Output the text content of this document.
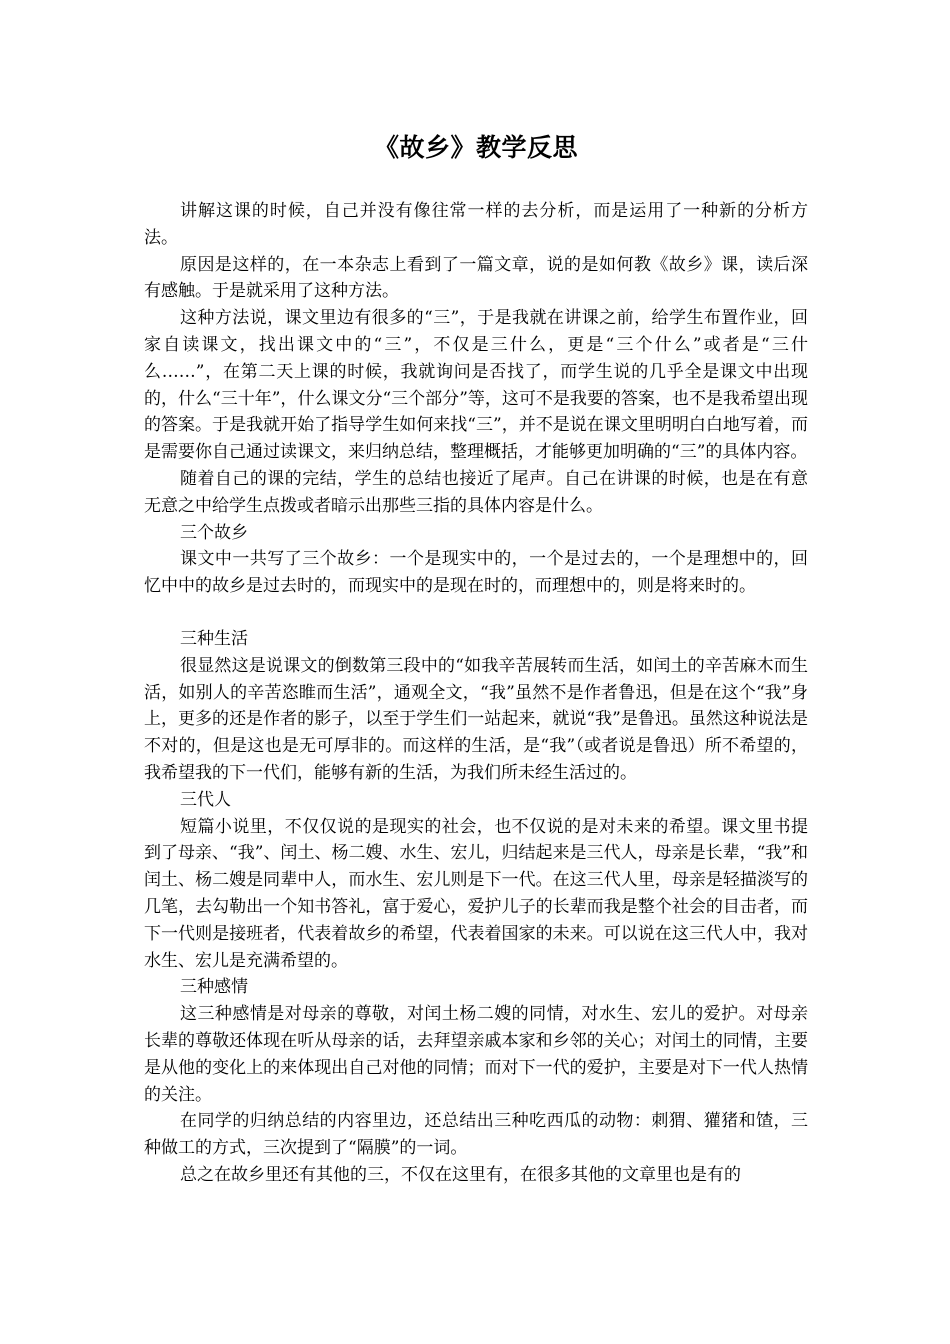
《故乡》教学反思

讲解这课的时候，自己并没有像往常一样的去分析，而是运用了一种新的分析方法。

原因是这样的，在一本杂志上看到了一篇文章，说的是如何教《故乡》课，读后深有感触。于是就采用了这种方法。

这种方法说，课文里边有很多的“三”，于是我就在讲课之前，给学生布置作业，回家自读课文，找出课文中的“三”，不仅是三什么，更是“三个什么”或者是“三什么……”，在第二天上课的时候，我就询问是否找了，而学生说的几乎全是课文中出现的，什么“三十年”，什么课文分“三个部分”等，这可不是我要的答案，也不是我希望出现的答案。于是我就开始了指导学生如何来找“三”，并不是说在课文里明明白白地写着，而是需要你自己通过读课文，来归纳总结，整理概括，才能够更加明确的“三”的具体内容。

随着自己的课的完结，学生的总结也接近了尾声。自己在讲课的时候，也是在有意无意之中给学生点拨或者暗示出那些三指的具体内容是什么。

三个故乡

课文中一共写了三个故乡：一个是现实中的，一个是过去的，一个是理想中的，回忆中中的故乡是过去时的，而现实中的是现在时的，而理想中的，则是将来时的。

三种生活

很显然这是说课文的倒数第三段中的“如我辛苦展转而生活，如闰土的辛苦麻木而生活，如别人的辛苦恣睢而生活”，通观全文，“我”虽然不是作者鲁迅，但是在这个“我”身上，更多的还是作者的影子，以至于学生们一站起来，就说“我”是鲁迅。虽然这种说法是不对的，但是这也是无可厚非的。而这样的生活，是“我”（或者说是鲁迅）所不希望的，我希望我的下一代们，能够有新的生活，为我们所未经生活过的。

三代人

短篇小说里，不仅仅说的是现实的社会，也不仅说的是对未来的希望。课文里书提到了母亲、“我”、闰土、杨二嫂、水生、宏儿，归结起来是三代人，母亲是长辈，“我”和闰土、杨二嫂是同辈中人，而水生、宏儿则是下一代。在这三代人里，母亲是轻描淡写的几笔，去勾勒出一个知书答礼，富于爱心，爱护儿子的长辈而我是整个社会的目击者，而下一代则是接班者，代表着故乡的希望，代表着国家的未来。可以说在这三代人中，我对水生、宏儿是充满希望的。

三种感情

这三种感情是对母亲的尊敬，对闰土杨二嫂的同情，对水生、宏儿的爱护。对母亲长辈的尊敬还体现在听从母亲的话，去拜望亲戚本家和乡邻的关心；对闰土的同情，主要是从他的变化上的来体现出自己对他的同情；而对下一代的爱护，主要是对下一代人热情的关注。

在同学的归纳总结的内容里边，还总结出三种吃西瓜的动物：刺猬、獾猪和馇，三种做工的方式，三次提到了“隔膜”的一词。

总之在故乡里还有其他的三，不仅在这里有，在很多其他的文章里也是有的
